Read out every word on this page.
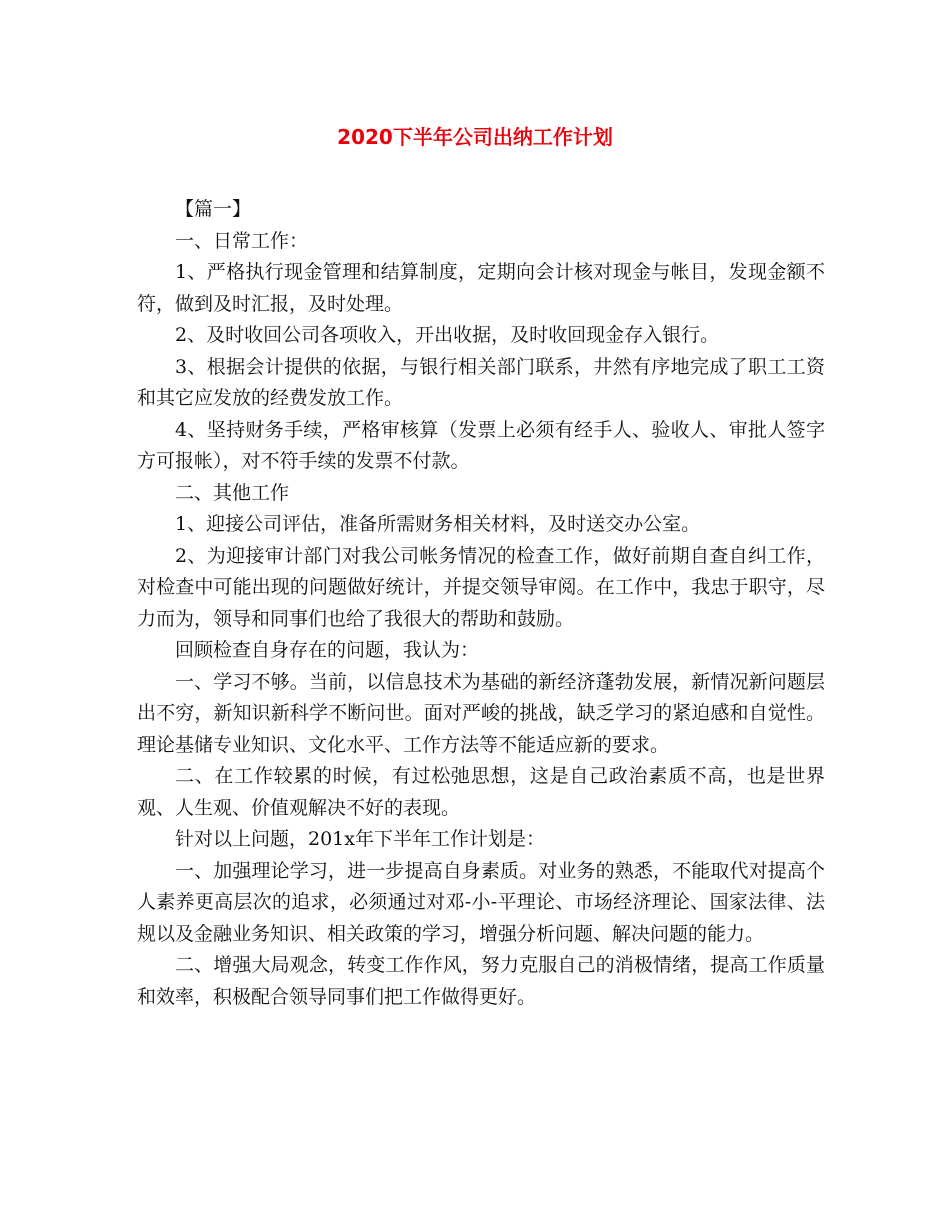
2020下半年公司出纳工作计划

【篇一】

一、日常工作：

1、严格执行现金管理和结算制度，定期向会计核对现金与帐目，发现金额不符，做到及时汇报，及时处理。

2、及时收回公司各项收入，开出收据，及时收回现金存入银行。

3、根据会计提供的依据，与银行相关部门联系，井然有序地完成了职工工资和其它应发放的经费发放工作。

4、坚持财务手续，严格审核算（发票上必须有经手人、验收人、审批人签字方可报帐），对不符手续的发票不付款。

二、其他工作

1、迎接公司评估，准备所需财务相关材料，及时送交办公室。

2、为迎接审计部门对我公司帐务情况的检查工作，做好前期自查自纠工作，对检查中可能出现的问题做好统计，并提交领导审阅。在工作中，我忠于职守，尽力而为，领导和同事们也给了我很大的帮助和鼓励。

回顾检查自身存在的问题，我认为：

一、学习不够。当前，以信息技术为基础的新经济蓬勃发展，新情况新问题层出不穷，新知识新科学不断问世。面对严峻的挑战，缺乏学习的紧迫感和自觉性。理论基储专业知识、文化水平、工作方法等不能适应新的要求。

二、在工作较累的时候，有过松弛思想，这是自己政治素质不高，也是世界观、人生观、价值观解决不好的表现。

针对以上问题，201x年下半年工作计划是：

一、加强理论学习，进一步提高自身素质。对业务的熟悉，不能取代对提高个人素养更高层次的追求，必须通过对邓-小-平理论、市场经济理论、国家法律、法规以及金融业务知识、相关政策的学习，增强分析问题、解决问题的能力。

二、增强大局观念，转变工作作风，努力克服自己的消极情绪，提高工作质量和效率，积极配合领导同事们把工作做得更好。
